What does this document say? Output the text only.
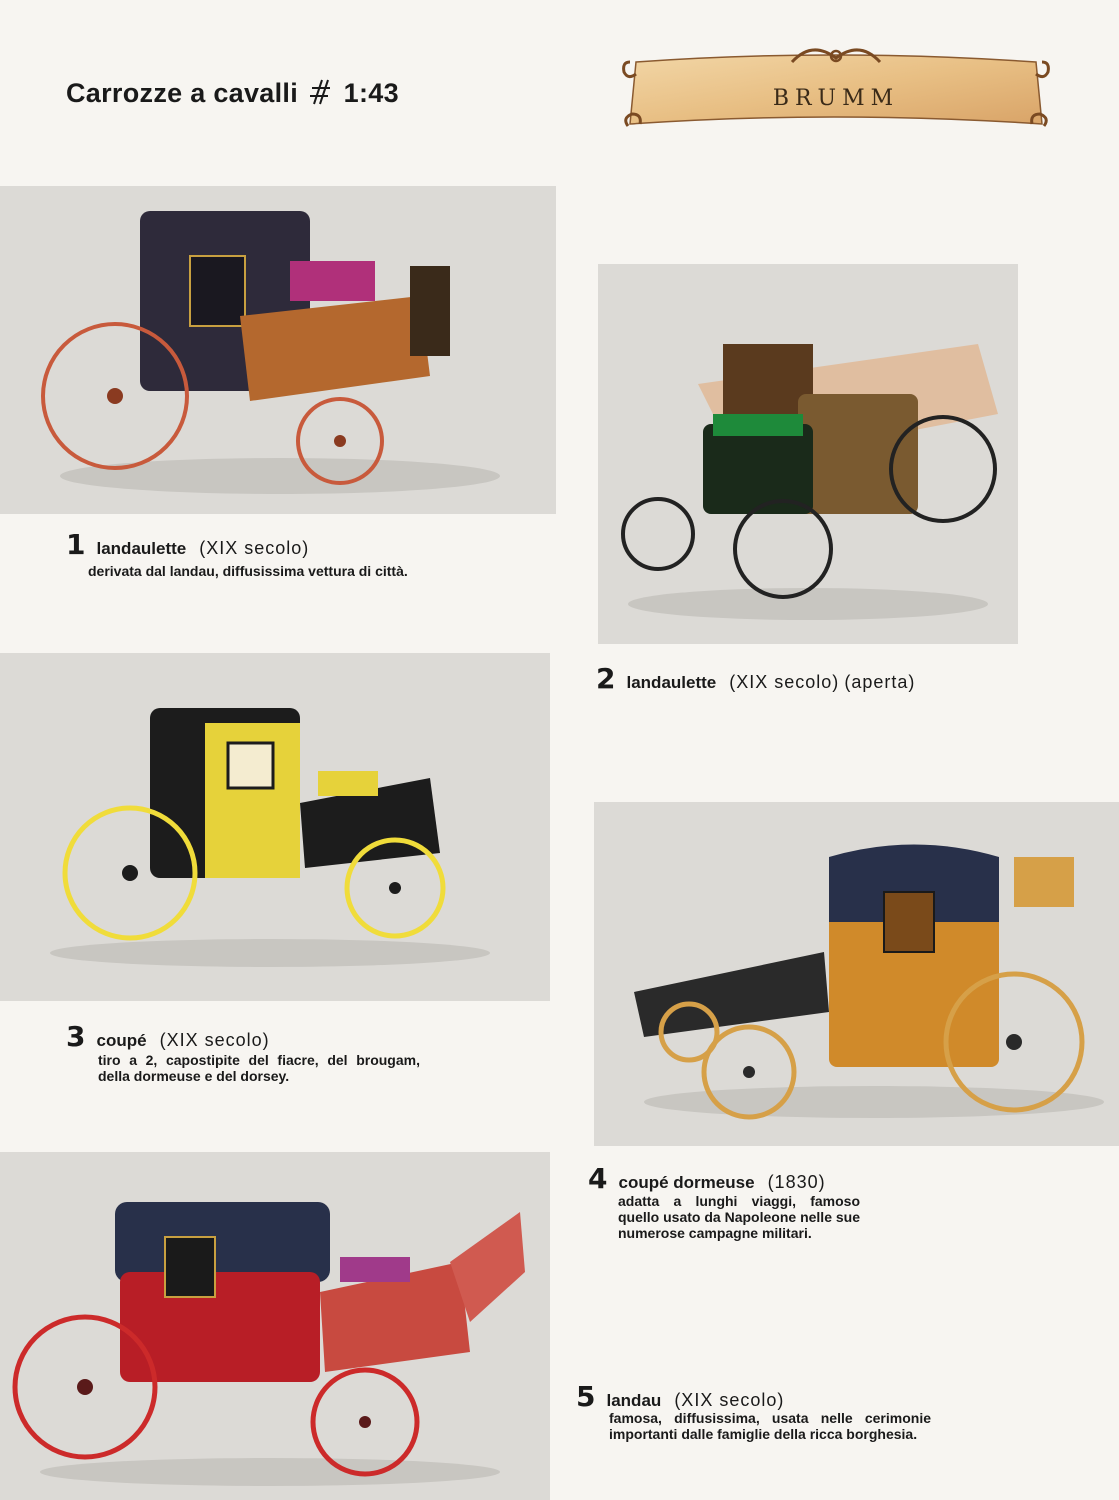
Carrozze a cavalli 1:43	BRUMM
1 landaulette (XIX secolo)
derivata dal landau, diffusissima vettura di città.
2 landaulette (XIX secolo) (aperta)
3 coupé (XIX secolo)
tiro a 2, capostipite del fiacre, del brougam, della dormeuse e del dorsey.
4 coupé dormeuse (1830)
adatta a lunghi viaggi, famoso quello usato da Napoleone nelle sue numerose campagne militari.
5 landau (XIX secolo)
famosa, diffusissima, usata nelle cerimonie importanti dalle famiglie della ricca borghesia.
